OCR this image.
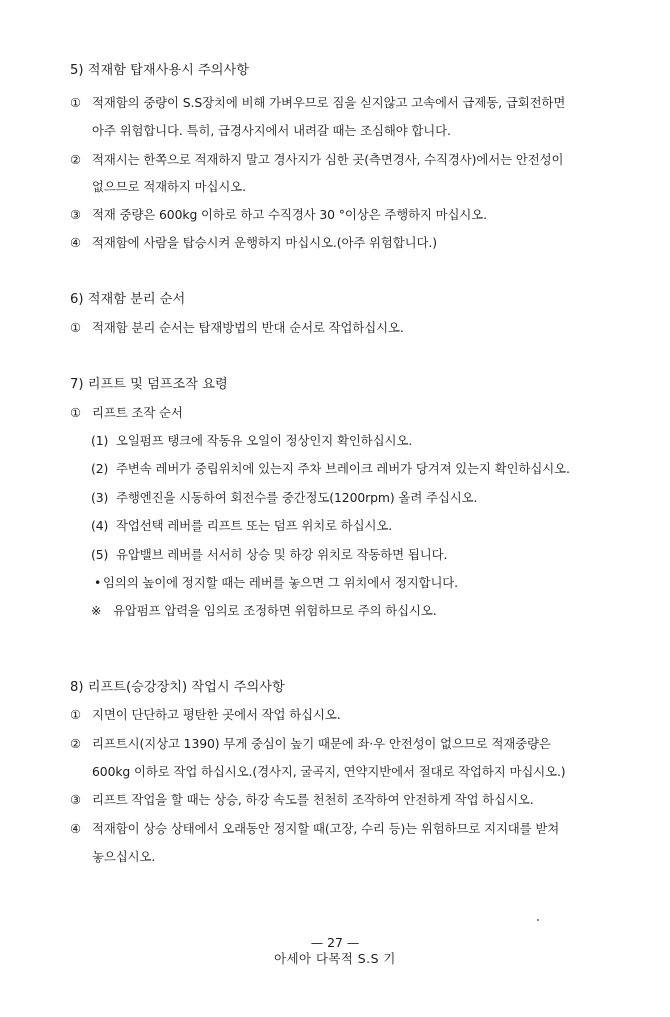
5) 적재함 탑재사용시 주의사항
① 적재함의 중량이 S.S장치에 비해 가벼우므로 짐을 싣지않고 고속에서 급제동, 급회전하면
아주 위험합니다. 특히, 급경사지에서 내려갈 때는 조심해야 합니다.
② 적재시는 한쪽으로 적재하지 말고 경사지가 심한 곳(측면경사, 수직경사)에서는 안전성이
없으므로 적재하지 마십시오.
③ 적재 중량은 600kg 이하로 하고 수직경사 30 °이상은 주행하지 마십시오.
④ 적재함에 사람을 탑승시켜 운행하지 마십시오.(아주 위험합니다.)
6) 적재함 분리 순서
① 적재함 분리 순서는 탑재방법의 반대 순서로 작업하십시오.
7) 리프트 및 덤프조작 요령
① 리프트 조작 순서
(1) 오일펌프 탱크에 작동유 오일이 정상인지 확인하십시오.
(2) 주변속 레버가 중립위치에 있는지 주차 브레이크 레버가 당겨져 있는지 확인하십시오.
(3) 주행엔진을 시동하여 회전수를 중간정도(1200rpm) 올려 주십시오.
(4) 작업선택 레버를 리프트 또는 덤프 위치로 하십시오.
(5) 유압밸브 레버를 서서히 상승 및 하강 위치로 작동하면 됩니다.
• 임의의 높이에 정지할 때는 레버를 놓으면 그 위치에서 정지합니다.
※ 유압펌프 압력을 임의로 조정하면 위험하므로 주의 하십시오.
8) 리프트(승강장치) 작업시 주의사항
① 지면이 단단하고 평탄한 곳에서 작업 하십시오.
② 리프트시(지상고 1390) 무게 중심이 높기 때문에 좌·우 안전성이 없으므로 적재중량은
600kg 이하로 작업 하십시오.(경사지, 굴곡지, 연약지반에서 절대로 작업하지 마십시오.)
③ 리프트 작업을 할 때는 상승, 하강 속도를 천천히 조작하여 안전하게 작업 하십시오.
④ 적재함이 상승 상태에서 오래동안 정지할 때(고장, 수리 등)는 위험하므로 지지대를 받쳐
놓으십시오.
— 27 —
아세아 다목적 S.S 기
